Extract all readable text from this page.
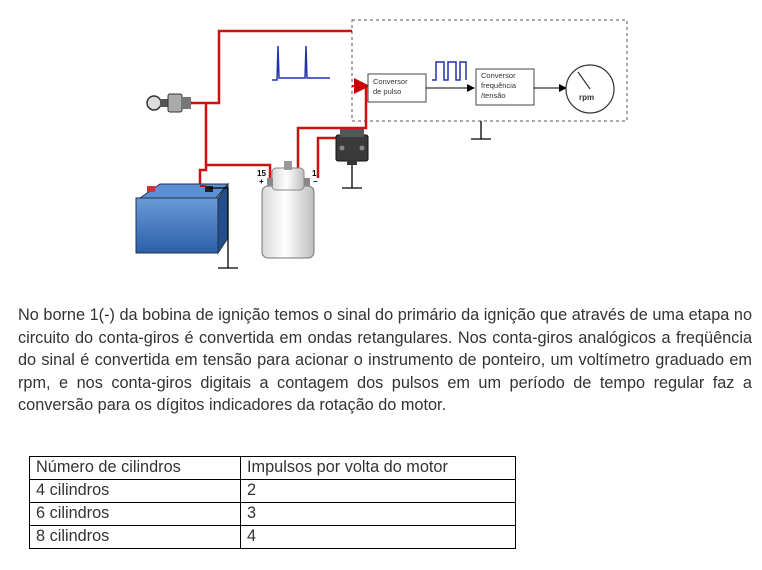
Conversor
de pulso
Conversor
frequência
/tensão	rpm
15
+
1
−

No borne 1(-) da bobina de ignição temos o sinal do primário da ignição que através de uma etapa no circuito do conta-giros é convertida em ondas retangulares. Nos conta-giros analógicos a freqüência do sinal é convertida em tensão para acionar o instrumento de ponteiro, um voltímetro graduado em rpm, e nos conta-giros digitais a contagem dos pulsos em um período de tempo regular faz a conversão para os dígitos indicadores da rotação do motor.

Número de cilindros	Impulsos por volta do motor
4 cilindros	2
6 cilindros	3
8 cilindros	4
